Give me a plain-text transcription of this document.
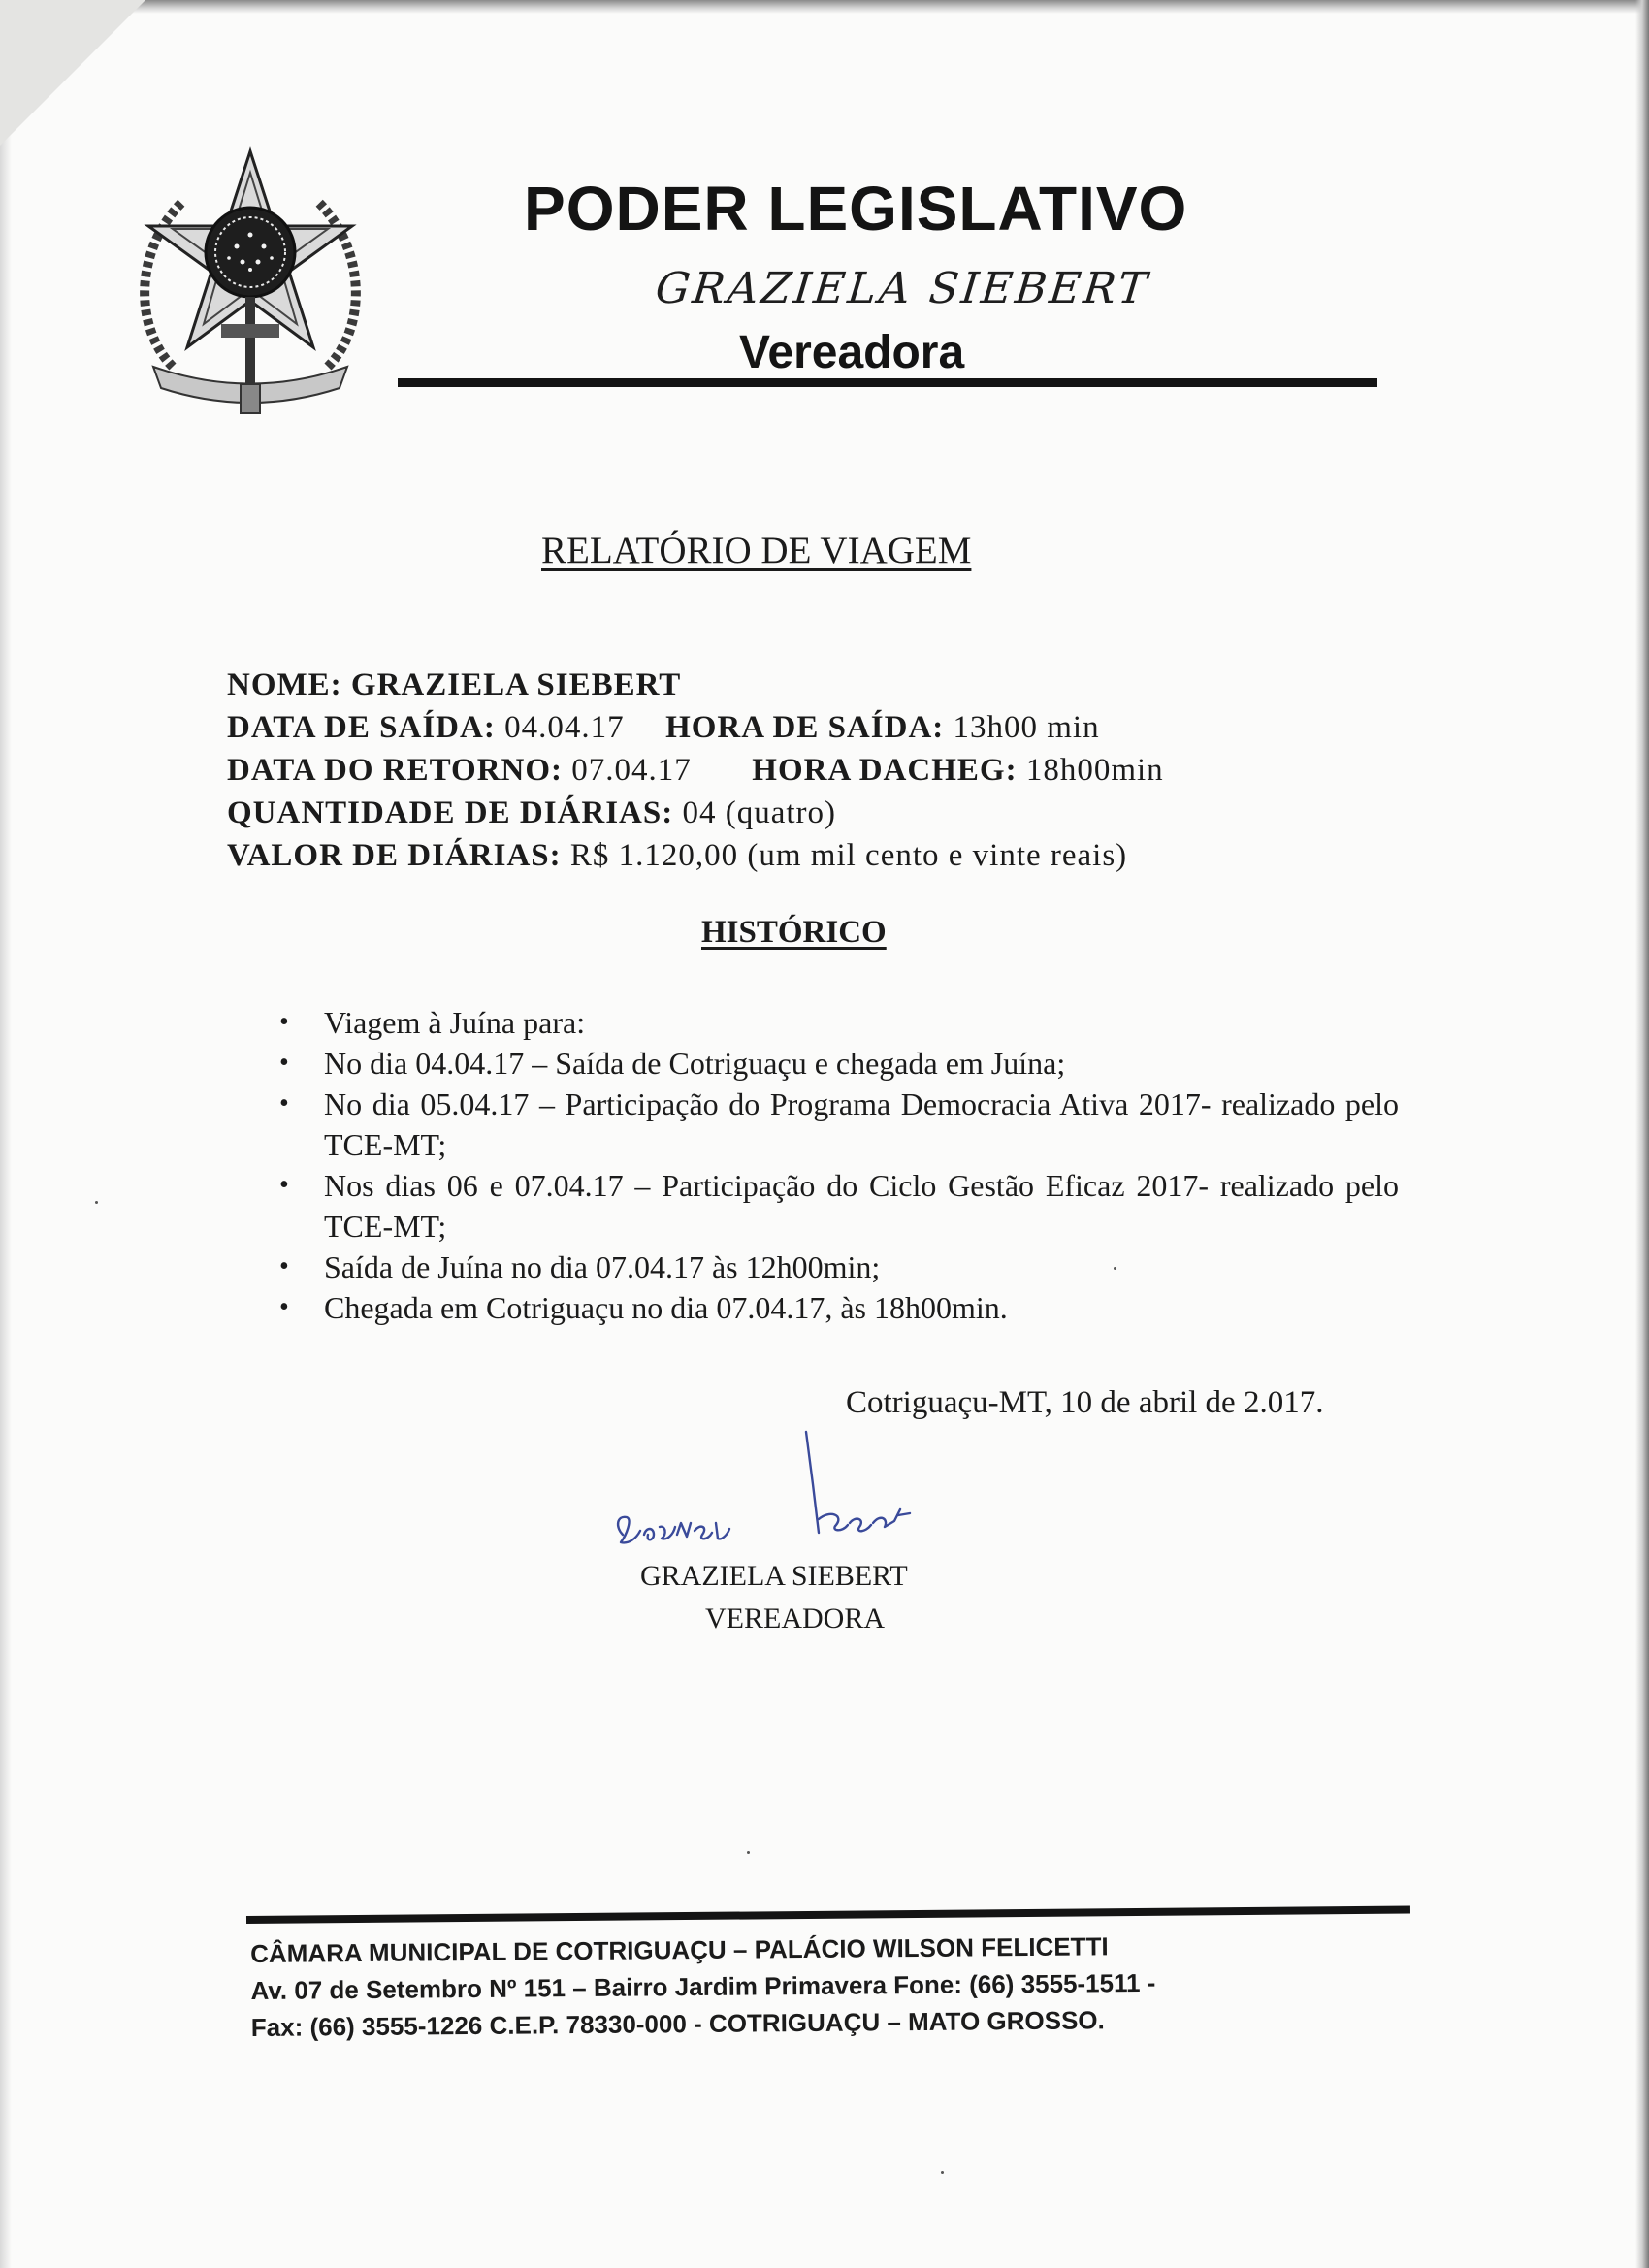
PODER LEGISLATIVO
GRAZIELA SIEBERT
Vereadora
RELATÓRIO DE VIAGEM
NOME: GRAZIELA SIEBERT
DATA DE SAÍDA: 04.04.17 HORA DE SAÍDA: 13h00 min
DATA DO RETORNO: 07.04.17 HORA DACHEG: 18h00min
QUANTIDADE DE DIÁRIAS: 04 (quatro)
VALOR DE DIÁRIAS: R$ 1.120,00 (um mil cento e vinte reais)
HISTÓRICO
• Viagem à Juína para:
• No dia 04.04.17 – Saída de Cotriguaçu e chegada em Juína;
• No dia 05.04.17 – Participação do Programa Democracia Ativa 2017- realizado pelo TCE-MT;
• Nos dias 06 e 07.04.17 – Participação do Ciclo Gestão Eficaz 2017- realizado pelo TCE-MT;
• Saída de Juína no dia 07.04.17 às 12h00min;
• Chegada em Cotriguaçu no dia 07.04.17, às 18h00min.
Cotriguaçu-MT, 10 de abril de 2.017.
GRAZIELA SIEBERT
VEREADORA
CÂMARA MUNICIPAL DE COTRIGUAÇU – PALÁCIO WILSON FELICETTI
Av. 07 de Setembro Nº 151 – Bairro Jardim Primavera Fone: (66) 3555-1511 -
Fax: (66) 3555-1226 C.E.P. 78330-000 - COTRIGUAÇU – MATO GROSSO.
